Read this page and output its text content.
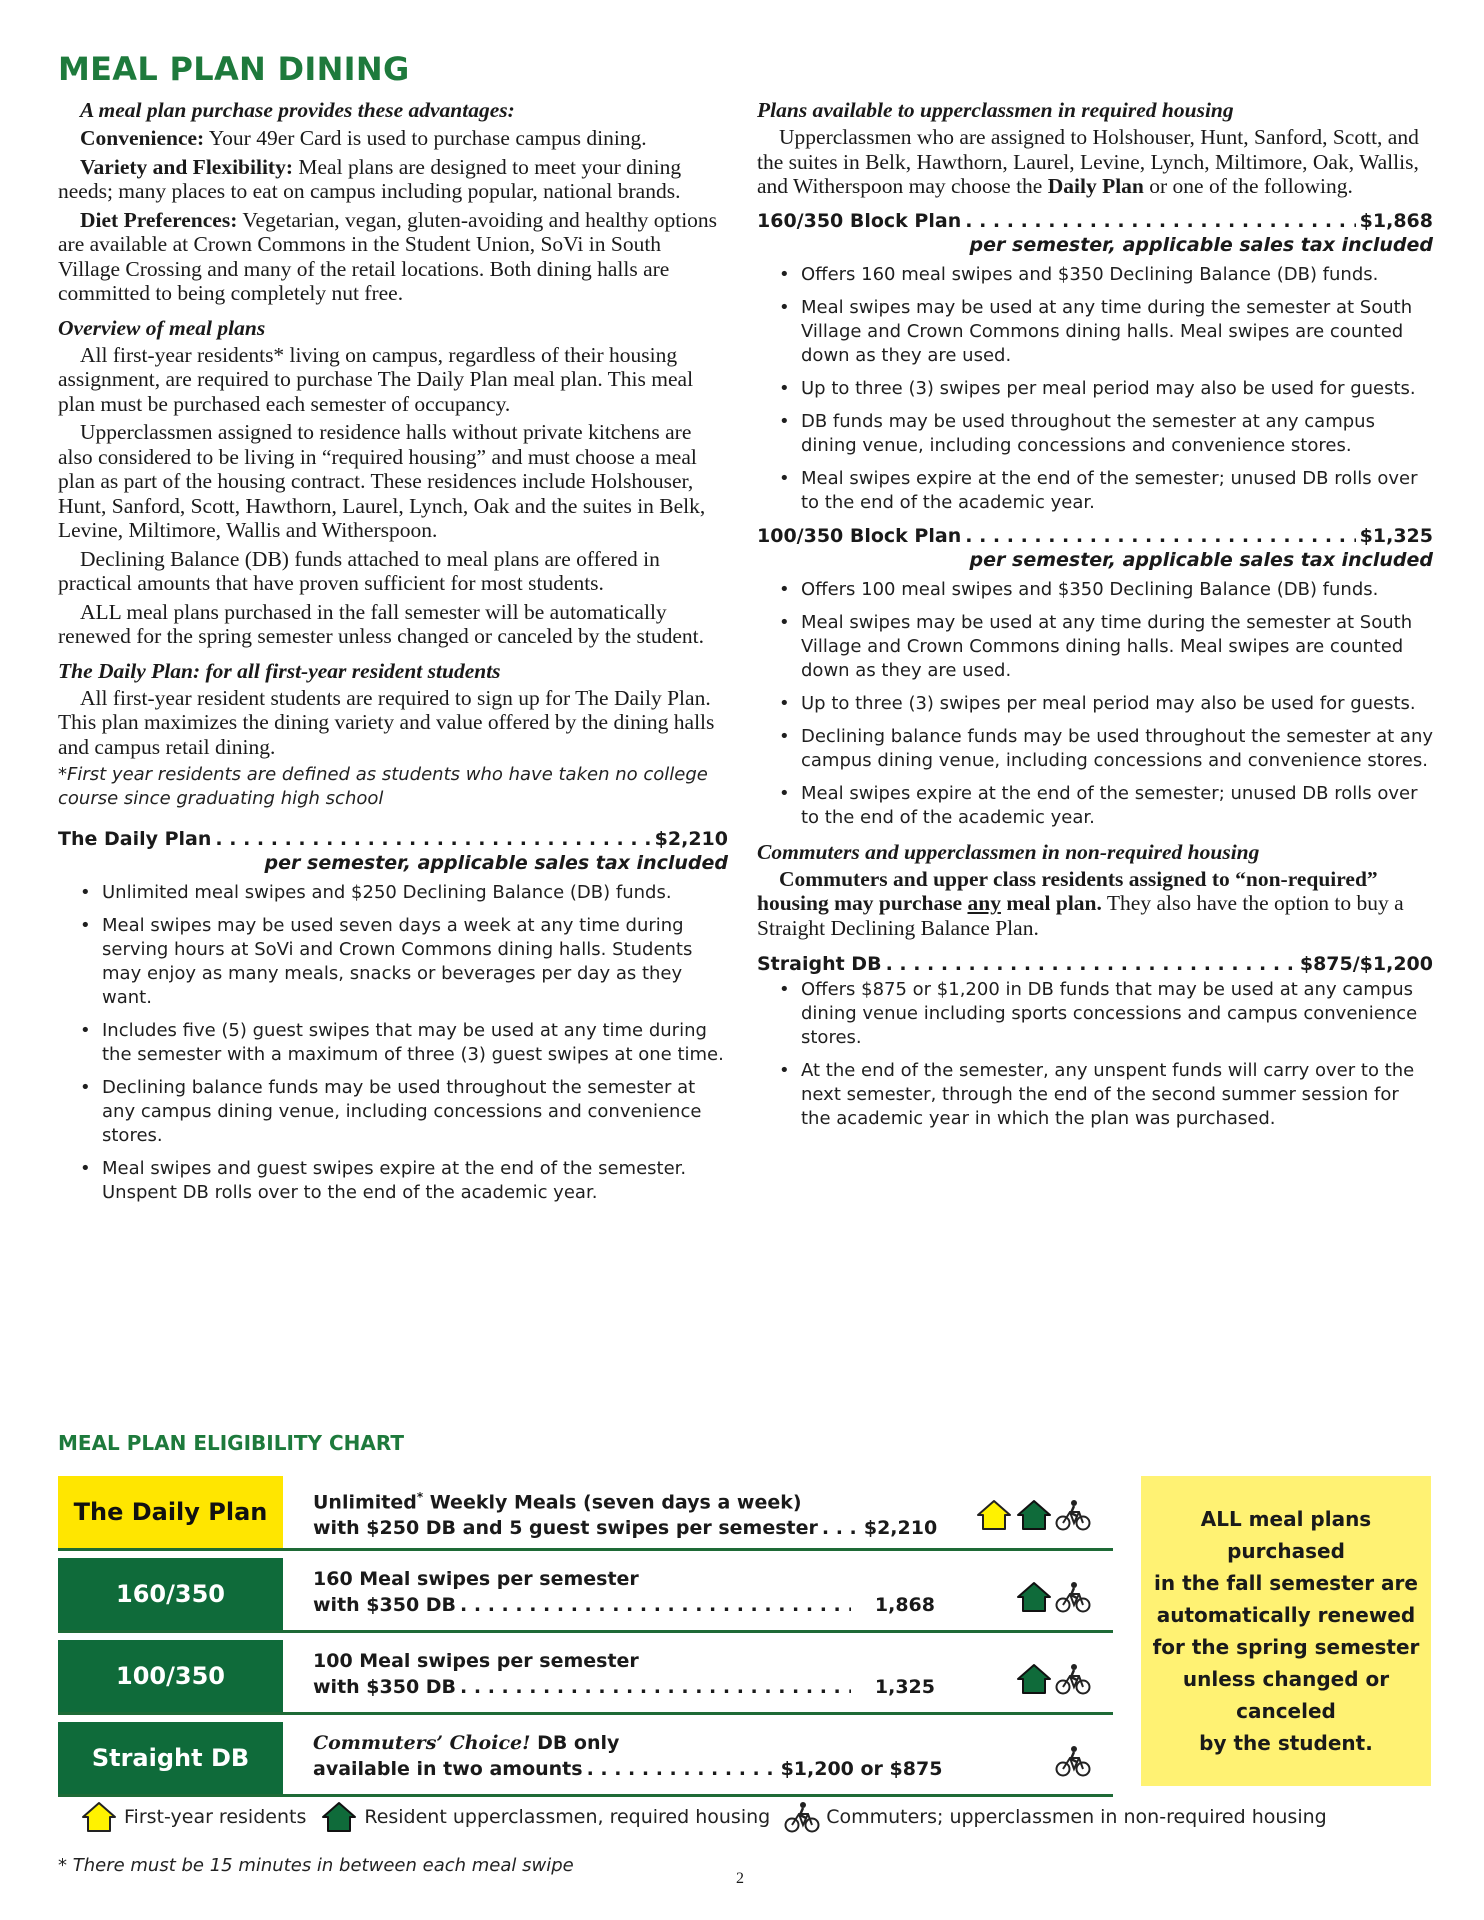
MEAL PLAN DINING
A meal plan purchase provides these advantages:

Convenience: Your 49er Card is used to purchase campus dining.

Variety and Flexibility: Meal plans are designed to meet your dining needs; many places to eat on campus including popular, national brands.

Diet Preferences: Vegetarian, vegan, gluten-avoiding and healthy options are available at Crown Commons in the Student Union, SoVi in South Village Crossing and many of the retail locations. Both dining halls are committed to being completely nut free.

Overview of meal plans

All first-year residents* living on campus, regardless of their housing assignment, are required to purchase The Daily Plan meal plan. This meal plan must be purchased each semester of occupancy.

Upperclassmen assigned to residence halls without private kitchens are also considered to be living in “required housing” and must choose a meal plan as part of the housing contract. These residences include Holshouser, Hunt, Sanford, Scott, Hawthorn, Laurel, Lynch, Oak and the suites in Belk, Levine, Miltimore, Wallis and Witherspoon.

Declining Balance (DB) funds attached to meal plans are offered in practical amounts that have proven sufficient for most students.

ALL meal plans purchased in the fall semester will be automatically renewed for the spring semester unless changed or canceled by the student.

The Daily Plan: for all first-year resident students

All first-year resident students are required to sign up for The Daily Plan. This plan maximizes the dining variety and value offered by the dining halls and campus retail dining.

*First year residents are defined as students who have taken no college course since graduating high school
The Daily Plan . . .	$2,210
per semester, applicable sales tax included
• Unlimited meal swipes and $250 Declining Balance (DB) funds.
• Meal swipes may be used seven days a week at any time during serving hours at SoVi and Crown Commons dining halls. Students may enjoy as many meals, snacks or beverages per day as they want.
• Includes five (5) guest swipes that may be used at any time during the semester with a maximum of three (3) guest swipes at one time.
• Declining balance funds may be used throughout the semester at any campus dining venue, including concessions and convenience stores.
• Meal swipes and guest swipes expire at the end of the semester. Unspent DB rolls over to the end of the academic year.
Plans available to upperclassmen in required housing

Upperclassmen who are assigned to Holshouser, Hunt, Sanford, Scott, and the suites in Belk, Hawthorn, Laurel, Levine, Lynch, Miltimore, Oak, Wallis, and Witherspoon may choose the Daily Plan or one of the following.

160/350 Block Plan . . .	$1,868
per semester, applicable sales tax included
• Offers 160 meal swipes and $350 Declining Balance (DB) funds.
• Meal swipes may be used at any time during the semester at South Village and Crown Commons dining halls. Meal swipes are counted down as they are used.
• Up to three (3) swipes per meal period may also be used for guests.
• DB funds may be used throughout the semester at any campus dining venue, including concessions and convenience stores.
• Meal swipes expire at the end of the semester; unused DB rolls over to the end of the academic year.
100/350 Block Plan . . .	$1,325
per semester, applicable sales tax included
• Offers 100 meal swipes and $350 Declining Balance (DB) funds.
• Meal swipes may be used at any time during the semester at South Village and Crown Commons dining halls. Meal swipes are counted down as they are used.
• Up to three (3) swipes per meal period may also be used for guests.
• Declining balance funds may be used throughout the semester at any campus dining venue, including concessions and convenience stores.
• Meal swipes expire at the end of the semester; unused DB rolls over to the end of the academic year.
Commuters and upperclassmen in non-required housing

Commuters and upper class residents assigned to “non-required” housing may purchase any meal plan. They also have the option to buy a Straight Declining Balance Plan.

Straight DB . . .	$875/$1,200
• Offers $875 or $1,200 in DB funds that may be used at any campus dining venue including sports concessions and campus convenience stores.
• At the end of the semester, any unspent funds will carry over to the next semester, through the end of the second summer session for the academic year in which the plan was purchased.
MEAL PLAN ELIGIBILITY CHART
The Daily Plan	Unlimited* Weekly Meals (seven days a week)
with $250 DB and 5 guest swipes per semester . . . $2,210
160/350
160 Meal swipes per semester
with $350 DB . . .	1,868
100/350
100 Meal swipes per semester
with $350 DB . . .	1,325
Straight DB
Commuters’ Choice! DB only
available in two amounts . . .	$1,200 or $875
ALL meal plans
purchased
in the fall semester are
automatically renewed
for the spring semester
unless changed or
canceled
by the student.
First-year residents	Resident upperclassmen, required housing	Commuters; upperclassmen in non-required housing
* There must be 15 minutes in between each meal swipe
2
